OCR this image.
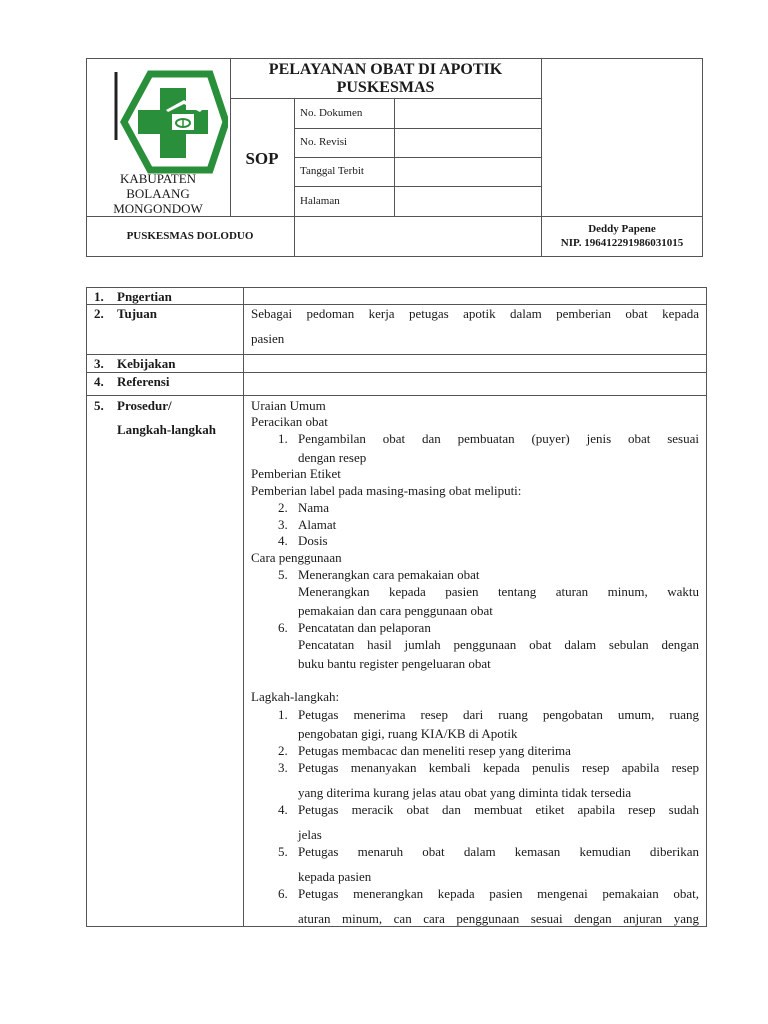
KABUPATEN
BOLAANG
MONGONDOW
PELAYANAN OBAT DI APOTIK
PUSKESMAS
SOP
No. Dokumen
No. Revisi
Tanggal Terbit
Halaman
PUSKESMAS DOLODUO
Deddy Papene
NIP. 196412291986031015
1. Pngertian
2. Tujuan	Sebagai pedoman kerja petugas apotik dalam pemberian obat kepada
pasien
3. Kebijakan
4. Referensi
5. Prosedur/
Langkah-langkah
Uraian Umum
Peracikan obat
1. Pengambilan obat dan pembuatan (puyer) jenis obat sesuai
dengan resep
Pemberian Etiket
Pemberian label pada masing-masing obat meliputi:
2. Nama
3. Alamat
4. Dosis
Cara penggunaan
5. Menerangkan cara pemakaian obat
Menerangkan kepada pasien tentang aturan minum, waktu
pemakaian dan cara penggunaan obat
6. Pencatatan dan pelaporan
Pencatatan hasil jumlah penggunaan obat dalam sebulan dengan
buku bantu register pengeluaran obat
Lagkah-langkah:
1. Petugas menerima resep dari ruang pengobatan umum, ruang
pengobatan gigi, ruang KIA/KB di Apotik
2. Petugas membacac dan meneliti resep yang diterima
3. Petugas menanyakan kembali kepada penulis resep apabila resep
yang diterima kurang jelas atau obat yang diminta tidak tersedia
4. Petugas meracik obat dan membuat etiket apabila resep sudah
jelas
5. Petugas menaruh obat dalam kemasan kemudian diberikan
kepada pasien
6. Petugas menerangkan kepada pasien mengenai pemakaian obat,
aturan minum, can cara penggunaan sesuai dengan anjuran yang
